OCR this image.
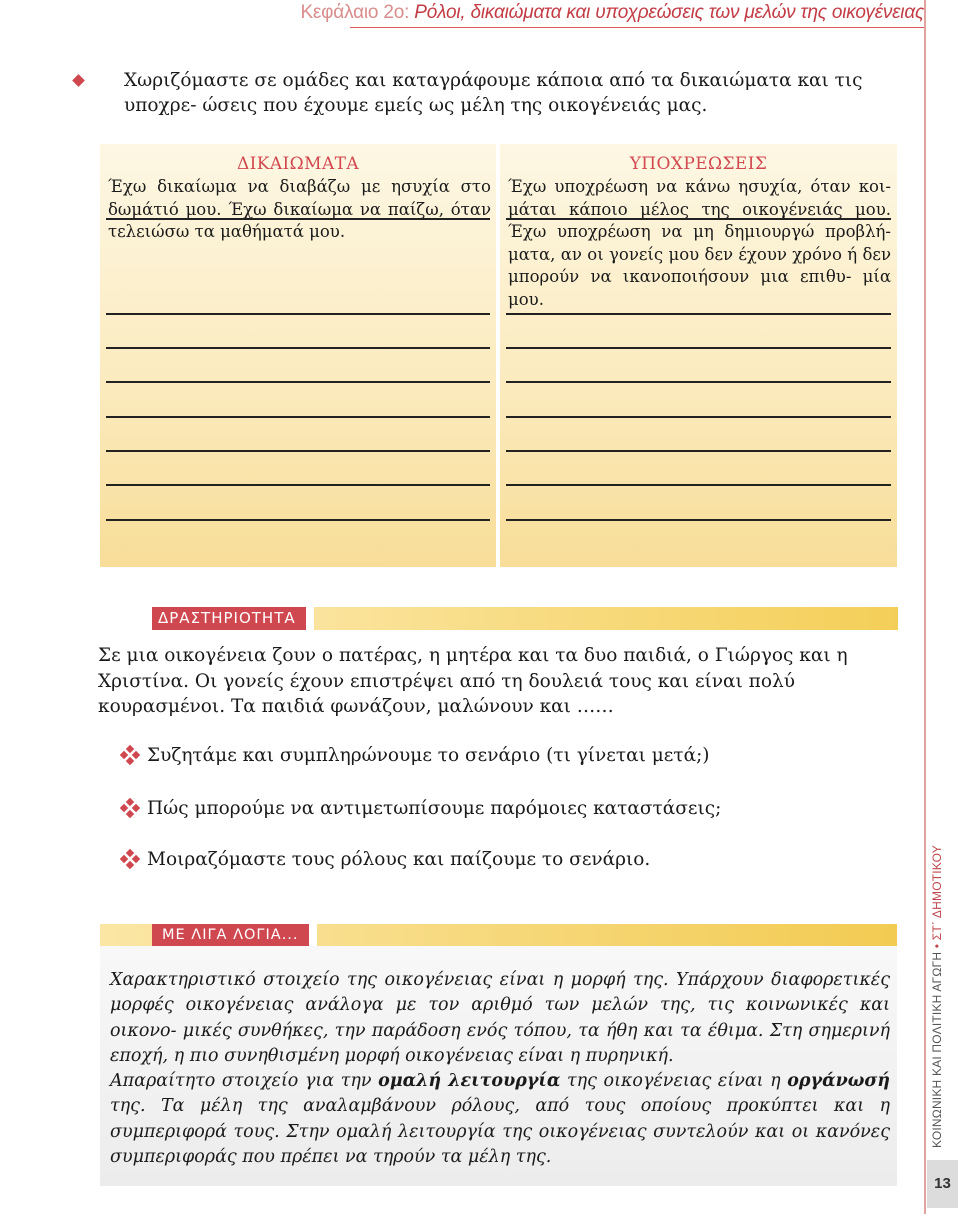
Κεφάλαιο 2ο: Ρόλοι, δικαιώματα και υποχρεώσεις των μελών της οικογένειας

Χωριζόμαστε σε ομάδες και καταγράφουμε κάποια από τα δικαιώματα και τις υποχρε- ώσεις που έχουμε εμείς ως μέλη της οικογένειάς μας.

ΔΙΚΑΙΩΜΑΤΑ
Έχω δικαίωμα να διαβάζω με ησυχία στο δωμάτιό μου. Έχω δικαίωμα να παίζω, όταν τελειώσω τα μαθήματά μου.
ΥΠΟΧΡΕΩΣΕΙΣ
Έχω υποχρέωση να κάνω ησυχία, όταν κοι- μάται κάποιο μέλος της οικογένειάς μου. Έχω υποχρέωση να μη δημιουργώ προβλή- ματα, αν οι γονείς μου δεν έχουν χρόνο ή δεν μπορούν να ικανοποιήσουν μια επιθυ- μία μου.
ΔΡΑΣΤΗΡΙΟΤΗΤΑ

Σε μια οικογένεια ζουν ο πατέρας, η μητέρα και τα δυο παιδιά, ο Γιώργος και η Χριστίνα. Οι γονείς έχουν επιστρέψει από τη δουλειά τους και είναι πολύ κουρασμένοι. Τα παιδιά φωνάζουν, μαλώνουν και ……

Συζητάμε και συμπληρώνουμε το σενάριο (τι γίνεται μετά;)
Πώς μπορούμε να αντιμετωπίσουμε παρόμοιες καταστάσεις;
Μοιραζόμαστε τους ρόλους και παίζουμε το σενάριο.
ΜΕ ΛΙΓΑ ΛΟΓΙΑ...

Χαρακτηριστικό στοιχείο της οικογένειας είναι η μορφή της. Υπάρχουν διαφορετικές μορφές οικογένειας ανάλογα με τον αριθμό των μελών της, τις κοινωνικές και οικονο- μικές συνθήκες, την παράδοση ενός τόπου, τα ήθη και τα έθιμα. Στη σημερινή εποχή, η πιο συνηθισμένη μορφή οικογένειας είναι η πυρηνική.

Απαραίτητο στοιχείο για την ομαλή λειτουργία της οικογένειας είναι η οργάνωσή της. Τα μέλη της αναλαμβάνουν ρόλους, από τους οποίους προκύπτει και η συμπεριφορά τους. Στην ομαλή λειτουργία της οικογένειας συντελούν και οι κανόνες συμπεριφοράς που πρέπει να τηρούν τα μέλη της.

ΚΟΙΝΩΝΙΚΗ ΚΑΙ ΠΟΛΙΤΙΚΗ ΑΓΩΓΗ • ΣΤ΄ ΔΗΜΟΤΙΚΟΥ
13
